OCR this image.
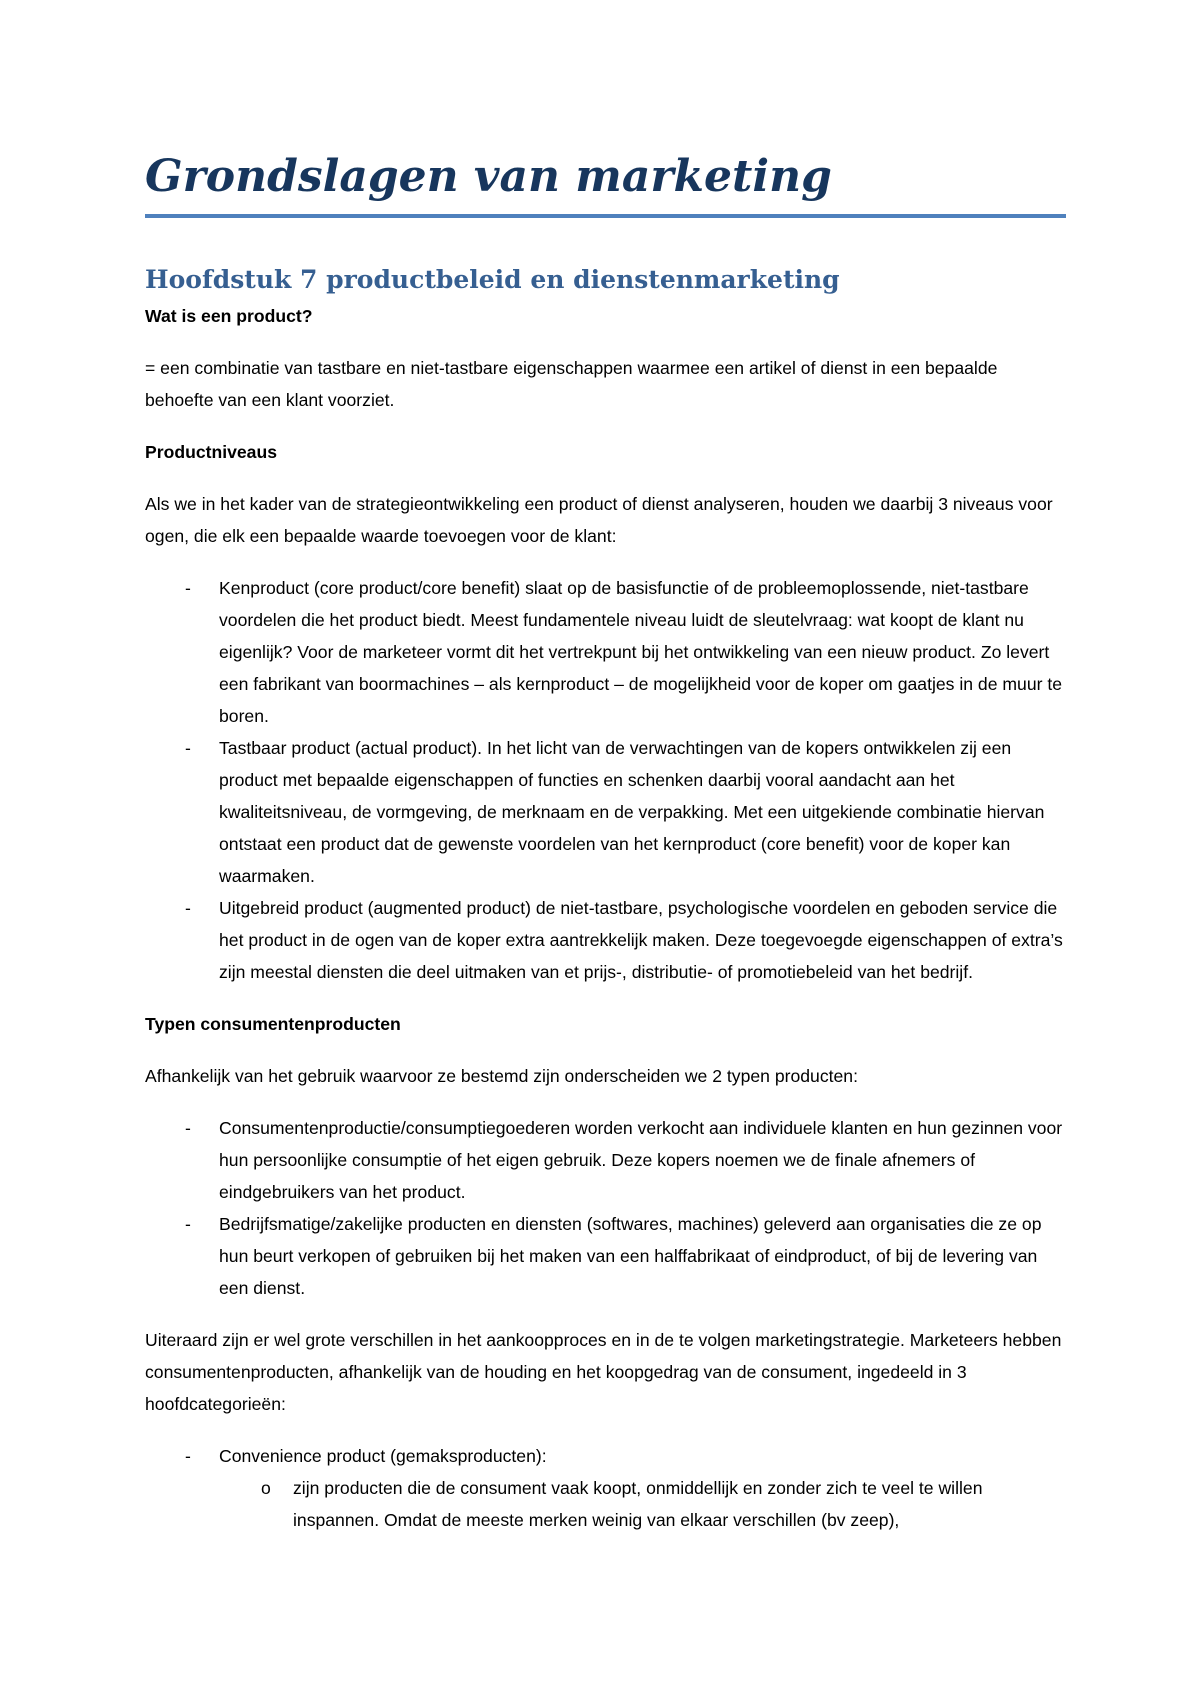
Grondslagen van marketing
Hoofdstuk 7 productbeleid en dienstenmarketing

Wat is een product?

= een combinatie van tastbare en niet-tastbare eigenschappen waarmee een artikel of dienst in een bepaalde behoefte van een klant voorziet.

Productniveaus

Als we in het kader van de strategieontwikkeling een product of dienst analyseren, houden we daarbij 3 niveaus voor ogen, die elk een bepaalde waarde toevoegen voor de klant:

- Kenproduct (core product/core benefit) slaat op de basisfunctie of de probleemoplossende, niet-tastbare voordelen die het product biedt. Meest fundamentele niveau luidt de sleutelvraag: wat koopt de klant nu eigenlijk? Voor de marketeer vormt dit het vertrekpunt bij het ontwikkeling van een nieuw product. Zo levert een fabrikant van boormachines – als kernproduct – de mogelijkheid voor de koper om gaatjes in de muur te boren.
- Tastbaar product (actual product). In het licht van de verwachtingen van de kopers ontwikkelen zij een product met bepaalde eigenschappen of functies en schenken daarbij vooral aandacht aan het kwaliteitsniveau, de vormgeving, de merknaam en de verpakking. Met een uitgekiende combinatie hiervan ontstaat een product dat de gewenste voordelen van het kernproduct (core benefit) voor de koper kan waarmaken.
- Uitgebreid product (augmented product) de niet-tastbare, psychologische voordelen en geboden service die het product in de ogen van de koper extra aantrekkelijk maken. Deze toegevoegde eigenschappen of extra’s zijn meestal diensten die deel uitmaken van et prijs-, distributie- of promotiebeleid van het bedrijf.

Typen consumentenproducten

Afhankelijk van het gebruik waarvoor ze bestemd zijn onderscheiden we 2 typen producten:

- Consumentenproductie/consumptiegoederen worden verkocht aan individuele klanten en hun gezinnen voor hun persoonlijke consumptie of het eigen gebruik. Deze kopers noemen we de finale afnemers of eindgebruikers van het product.
- Bedrijfsmatige/zakelijke producten en diensten (softwares, machines) geleverd aan organisaties die ze op hun beurt verkopen of gebruiken bij het maken van een halffabrikaat of eindproduct, of bij de levering van een dienst.

Uiteraard zijn er wel grote verschillen in het aankoopproces en in de te volgen marketingstrategie. Marketeers hebben consumentenproducten, afhankelijk van de houding en het koopgedrag van de consument, ingedeeld in 3 hoofdcategorieën:

- Convenience product (gemaksproducten):
o zijn producten die de consument vaak koopt, onmiddellijk en zonder zich te veel te willen inspannen. Omdat de meeste merken weinig van elkaar verschillen (bv zeep),
